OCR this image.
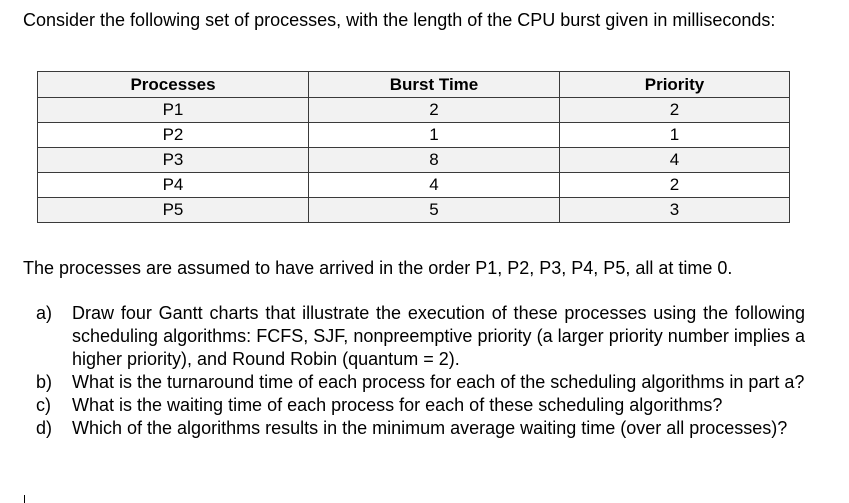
Consider the following set of processes, with the length of the CPU burst given in milliseconds:

Processes	Burst Time	Priority
P1	2	2
P2	1	1
P3	8	4
P4	4	2
P5	5	3

The processes are assumed to have arrived in the order P1, P2, P3, P4, P5, all at time 0.

a) Draw four Gantt charts that illustrate the execution of these processes using the following scheduling algorithms: FCFS, SJF, nonpreemptive priority (a larger priority number implies a higher priority), and Round Robin (quantum = 2).
b) What is the turnaround time of each process for each of the scheduling algorithms in part a?
c) What is the waiting time of each process for each of these scheduling algorithms?
d) Which of the algorithms results in the minimum average waiting time (over all processes)?
